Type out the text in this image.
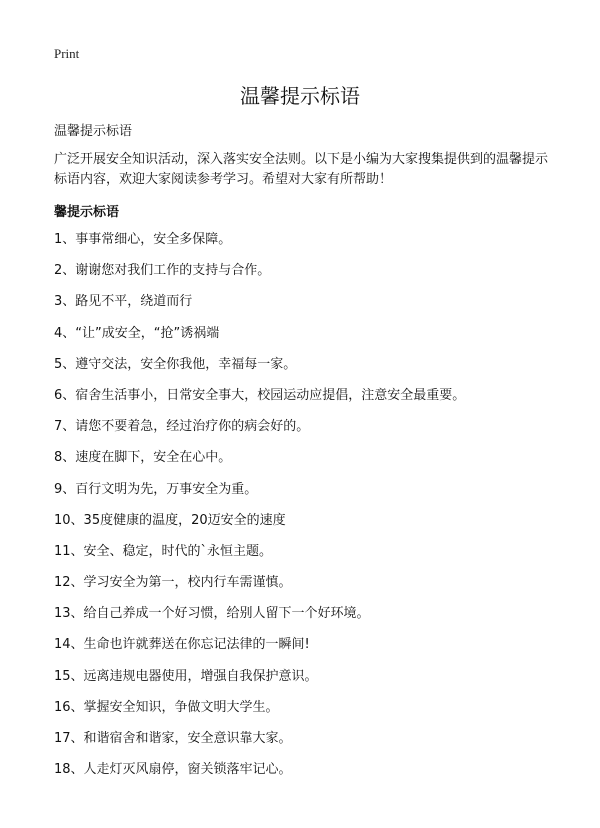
Print
温馨提示标语

温馨提示标语

广泛开展安全知识活动，深入落实安全法则。以下是小编为大家搜集提供到的温馨提示标语内容，欢迎大家阅读参考学习。希望对大家有所帮助！

馨提示标语
1、事事常细心，安全多保障。
2、谢谢您对我们工作的支持与合作。
3、路见不平，绕道而行
4、“让”成安全，“抢”诱祸端
5、遵守交法，安全你我他，幸福每一家。
6、宿舍生活事小，日常安全事大，校园运动应提倡，注意安全最重要。
7、请您不要着急，经过治疗你的病会好的。
8、速度在脚下，安全在心中。
9、百行文明为先，万事安全为重。
10、35度健康的温度，20迈安全的速度
11、安全、稳定，时代的`永恒主题。
12、学习安全为第一，校内行车需谨慎。
13、给自己养成一个好习惯，给别人留下一个好环境。
14、生命也许就葬送在你忘记法律的一瞬间!
15、远离违规电器使用，增强自我保护意识。
16、掌握安全知识，争做文明大学生。
17、和谐宿舍和谐家，安全意识靠大家。
18、人走灯灭风扇停，窗关锁落牢记心。
